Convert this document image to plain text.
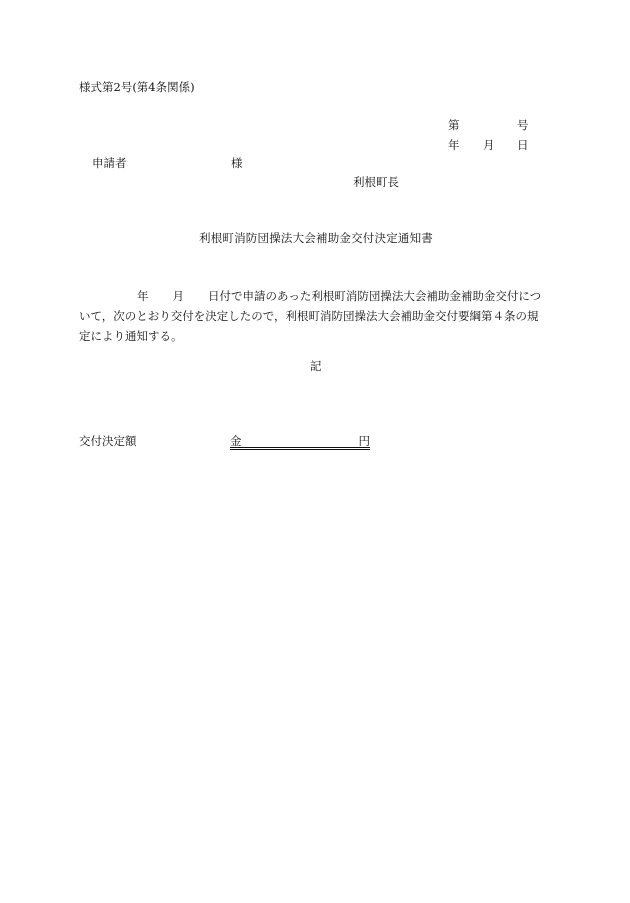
様式第2号(第4条関係)
第	号
年 月 日
申請者	様
利根町長
利根町消防団操法大会補助金交付決定通知書
年 月 日付で申請のあった利根町消防団操法大会補助金補助金交付につ
いて，次のとおり交付を決定したので，利根町消防団操法大会補助金交付要綱第４条の規
定により通知する。
記
交付決定額	金	円
